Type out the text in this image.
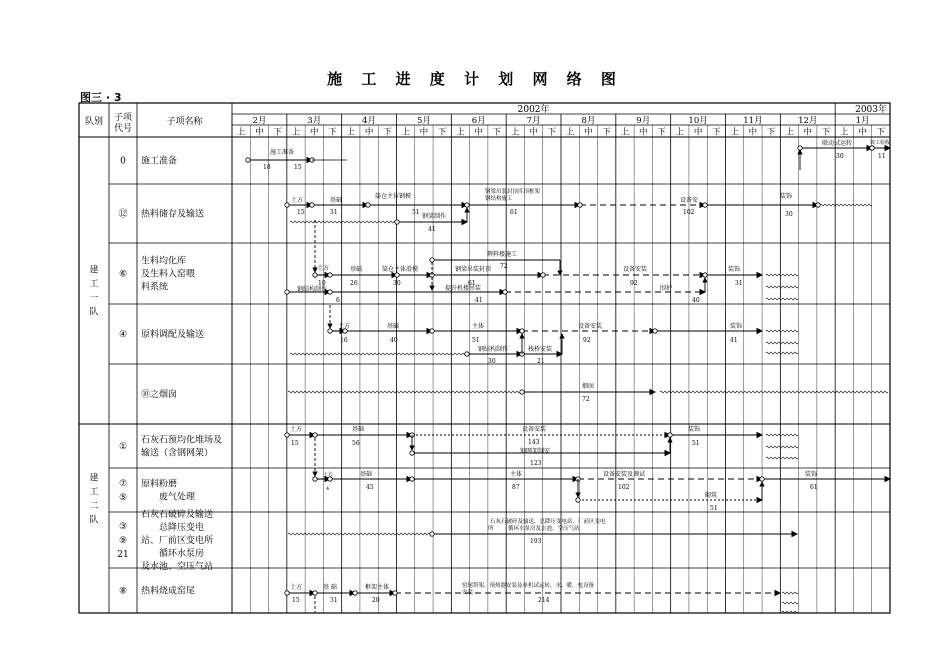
施 工 进 度 计 划 网 络 图
图三 · 3
队别 子项
代号
子项名称
2002年	2003年
2月	3月	4月	5月	6月	7月	8月	9月	10月	11月	12月	1月
上 中 下 上 中 下 上 中 下 上 中 下 上 中 下 上 中 下 上 中 下 上 中 下 上 中 下 上 中 下 上 中 下 上 中 下
建
工
一
队
建
工
二
队
0 施工准备
⑫ 热料储存及输送
⑥
生料均化库
及生料入窑喂
料系统
④ 原料调配及输送
⑩之烟囱
①
石灰石预均化堆场及
输送（含钢网架）
⑦
⑤
原料粉磨
　　废气处理
③
⑨
21
石灰石破碎及输送
　　总降压变电
站、厂前区变电所
　　循环水泵房
及水池、空压气站
⑧ 热料烧成窑尾
施工准备
18	15
联动试运转
30
竣工验收
11
土方
15
基础
31
筒仓主体钢模
51
钢梁制作
41
钢梁吊装封顶库顶框架
钢结构施工
61
设备安
102
装饰
30
喂料楼施工
土方
10
基础
26
筒仓主体滑模
30
钢梁吊装封顶 72
61
提升机楼吊装
41
钢结构制作
6
设备安装
92
装饰
31
围护
40
土方
16
基础
40
主体
51
设备安装
92
装饰
41
钢结构制作
30
栈桥安装
21
烟囱
72
土方
15
基础
56
设备安装
143
钢网架制安
123
装饰
51
土方
4
基础
45
主体
87
设备安装及调试
102
装饰
61
砌筑
51
石灰石破碎及输送、总降压变电站、厂前区变电
所	循环水泵房及水池、空压气站
193
土方
15
基 础
31
框架主体
20
窑尾塔架，预热器安装及单机试运转，水、暖、电设备
安装
214
